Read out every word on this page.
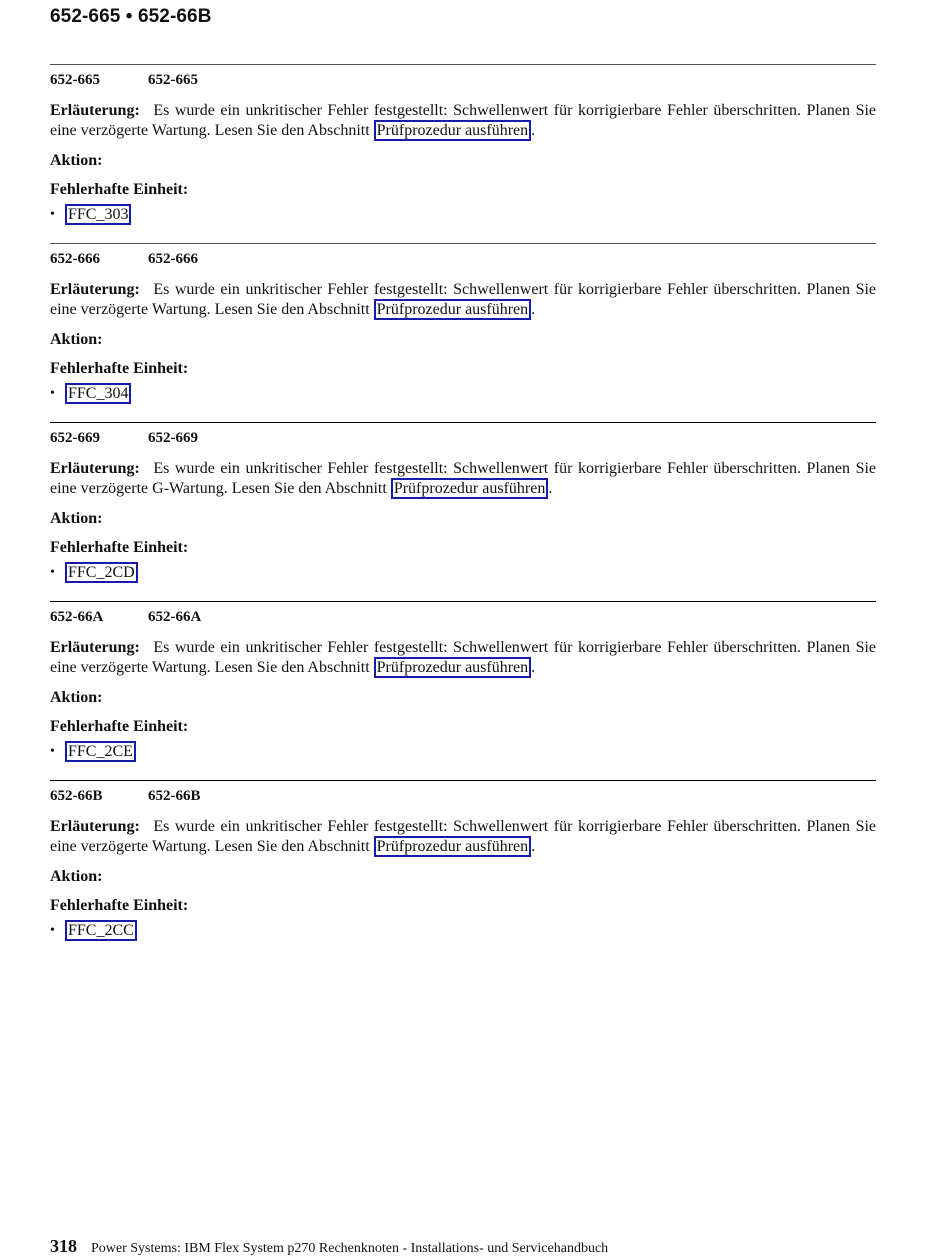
652-665 • 652-66B
652-665	652-665
Erläuterung: Es wurde ein unkritischer Fehler festgestellt: Schwellenwert für korrigierbare Fehler überschritten. Planen Sie eine verzögerte Wartung. Lesen Sie den Abschnitt Prüfprozedur ausführen .
Aktion:
Fehlerhafte Einheit:
• FFC_303
652-666	652-666
Erläuterung: Es wurde ein unkritischer Fehler festgestellt: Schwellenwert für korrigierbare Fehler überschritten. Planen Sie eine verzögerte Wartung. Lesen Sie den Abschnitt Prüfprozedur ausführen .
Aktion:
Fehlerhafte Einheit:
• FFC_304
652-669	652-669
Erläuterung: Es wurde ein unkritischer Fehler festgestellt: Schwellenwert für korrigierbare Fehler überschritten. Planen Sie eine verzögerte G-Wartung. Lesen Sie den Abschnitt Prüfprozedur ausführen .
Aktion:
Fehlerhafte Einheit:
• FFC_2CD
652-66A	652-66A
Erläuterung: Es wurde ein unkritischer Fehler festgestellt: Schwellenwert für korrigierbare Fehler überschritten. Planen Sie eine verzögerte Wartung. Lesen Sie den Abschnitt Prüfprozedur ausführen .
Aktion:
Fehlerhafte Einheit:
• FFC_2CE
652-66B	652-66B
Erläuterung: Es wurde ein unkritischer Fehler festgestellt: Schwellenwert für korrigierbare Fehler überschritten. Planen Sie eine verzögerte Wartung. Lesen Sie den Abschnitt Prüfprozedur ausführen .
Aktion:
Fehlerhafte Einheit:
• FFC_2CC
318 Power Systems: IBM Flex System p270 Rechenknoten - Installations- und Servicehandbuch
